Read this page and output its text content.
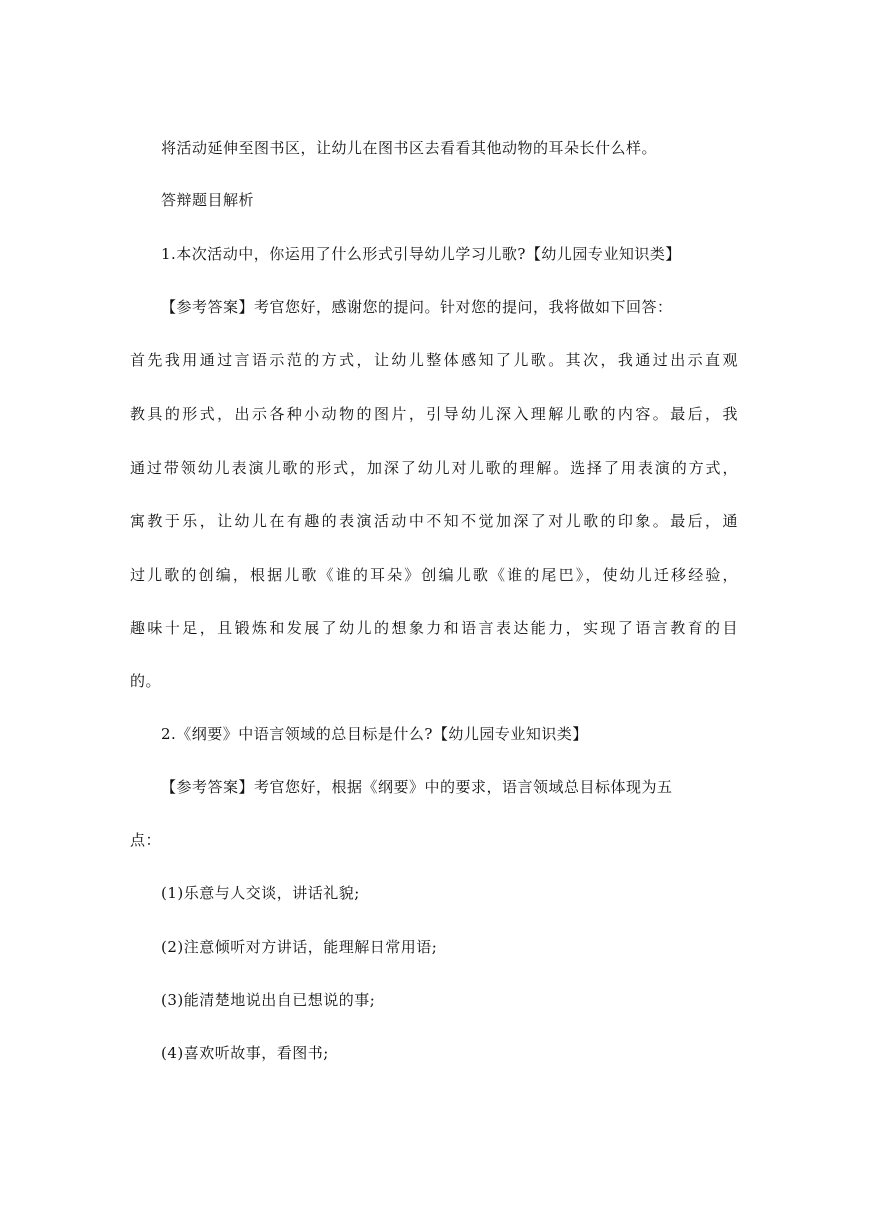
将活动延伸至图书区，让幼儿在图书区去看看其他动物的耳朵长什么样。
答辩题目解析
1.本次活动中，你运用了什么形式引导幼儿学习儿歌?【幼儿园专业知识类】
【参考答案】考官您好，感谢您的提问。针对您的提问，我将做如下回答：
首先我用通过言语示范的方式，让幼儿整体感知了儿歌。其次，我通过出示直观
教具的形式，出示各种小动物的图片，引导幼儿深入理解儿歌的内容。最后，我
通过带领幼儿表演儿歌的形式，加深了幼儿对儿歌的理解。选择了用表演的方式，
寓教于乐，让幼儿在有趣的表演活动中不知不觉加深了对儿歌的印象。最后，通
过儿歌的创编，根据儿歌《谁的耳朵》创编儿歌《谁的尾巴》，使幼儿迁移经验，
趣味十足，且锻炼和发展了幼儿的想象力和语言表达能力，实现了语言教育的目
的。
2.《纲要》中语言领域的总目标是什么?【幼儿园专业知识类】
【参考答案】考官您好，根据《纲要》中的要求，语言领域总目标体现为五
点：
(1)乐意与人交谈，讲话礼貌;
(2)注意倾听对方讲话，能理解日常用语;
(3)能清楚地说出自已想说的事;
(4)喜欢听故事，看图书;
